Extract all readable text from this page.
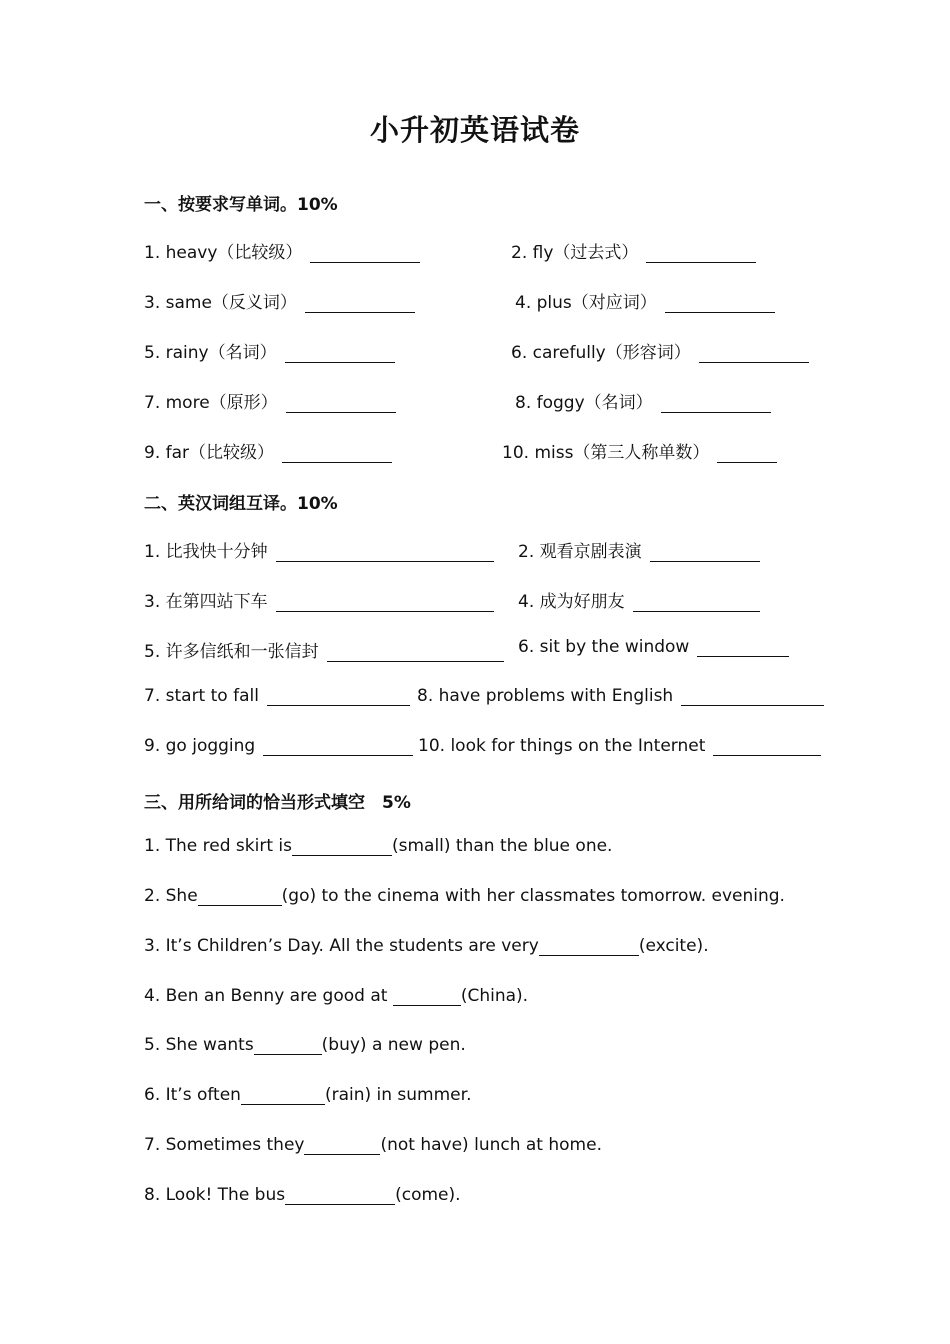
小升初英语试卷
一、按要求写单词。10%
1. heavy（比较级）	2. fly（过去式）
3. same（反义词）	4. plus（对应词）
5. rainy（名词）	6. carefully（形容词）
7. more（原形）	8. foggy（名词）
9. far（比较级）	10. miss（第三人称单数）
二、英汉词组互译。10%
1. 比我快十分钟	2. 观看京剧表演
3. 在第四站下车	4. 成为好朋友
5. 许多信纸和一张信封	6. sit by the window
7. start to fall	8. have problems with English
9. go jogging	10. look for things on the Internet
三、用所给词的恰当形式填空　5%
1. The red skirt is	(small) than the blue one.
2. She	(go) to the cinema with her classmates tomorrow. evening.
3. It’s Children’s Day. All the students are very	(excite).
4. Ben an Benny are good at	(China).
5. She wants	(buy) a new pen.
6. It’s often	(rain) in summer.
7. Sometimes they	(not have) lunch at home.
8. Look! The bus	(come).
